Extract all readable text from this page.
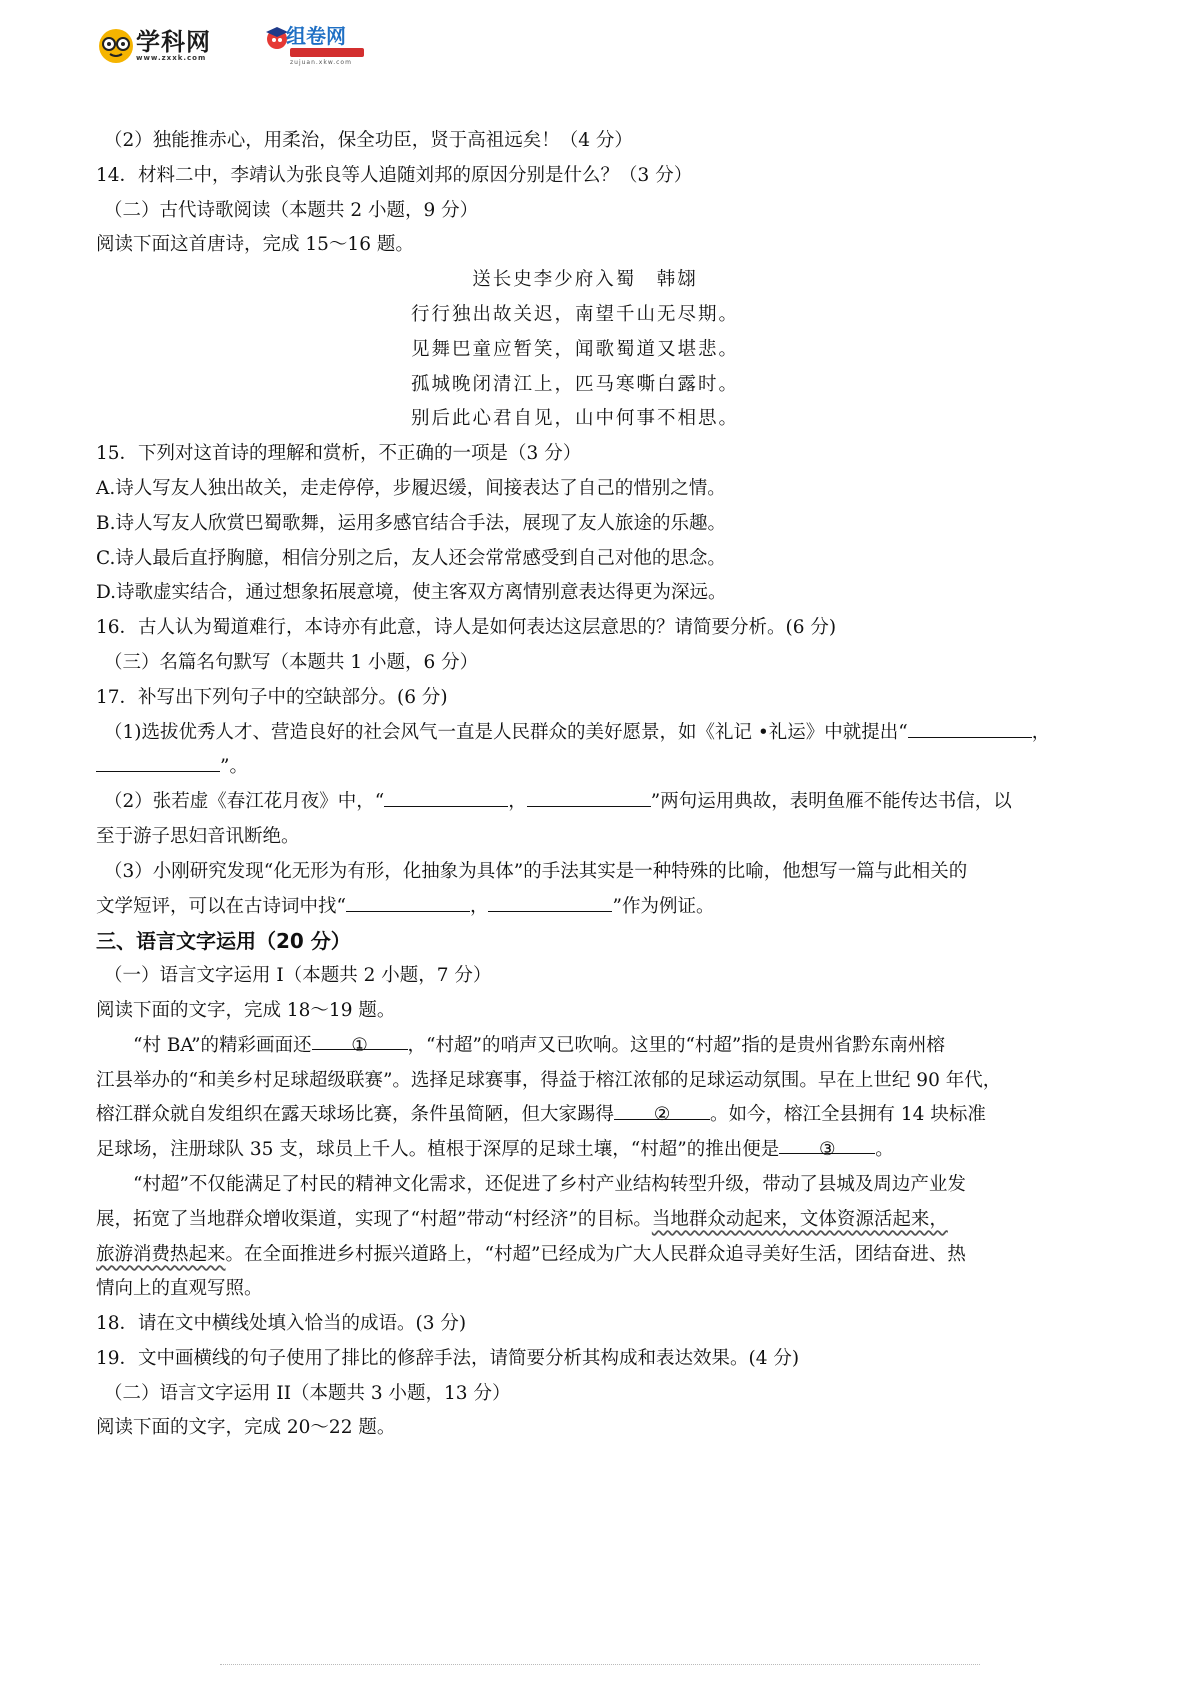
学科网
www.zxxk.com
组卷网
zujuan.xkw.com
（2）独能推赤心，用柔治，保全功臣，贤于高祖远矣！（4 分）
14．材料二中，李靖认为张良等人追随刘邦的原因分别是什么？（3 分）
（二）古代诗歌阅读（本题共 2 小题，9 分）
阅读下面这首唐诗，完成 15～16 题。
送长史李少府入蜀　韩翃
行行独出故关迟，南望千山无尽期。
见舞巴童应暂笑，闻歌蜀道又堪悲。
孤城晚闭清江上，匹马寒嘶白露时。
别后此心君自见，山中何事不相思。
15．下列对这首诗的理解和赏析，不正确的一项是（3 分）
A.诗人写友人独出故关，走走停停，步履迟缓，间接表达了自己的惜别之情。
B.诗人写友人欣赏巴蜀歌舞，运用多感官结合手法，展现了友人旅途的乐趣。
C.诗人最后直抒胸臆，相信分别之后，友人还会常常感受到自己对他的思念。
D.诗歌虚实结合，通过想象拓展意境，使主客双方离情别意表达得更为深远。
16．古人认为蜀道难行，本诗亦有此意，诗人是如何表达这层意思的？请简要分析。(6 分)
（三）名篇名句默写（本题共 1 小题，6 分）
17．补写出下列句子中的空缺部分。(6 分)
（1)选拔优秀人才、营造良好的社会风气一直是人民群众的美好愿景，如《礼记 •礼运》中就提出“	，
”。
（2）张若虚《春江花月夜》中，“	，	”两句运用典故，表明鱼雁不能传达书信，以
至于游子思妇音讯断绝。
（3）小刚研究发现“化无形为有形，化抽象为具体”的手法其实是一种特殊的比喻，他想写一篇与此相关的
文学短评，可以在古诗词中找“	，	”作为例证。
三、语言文字运用（20 分）
（一）语言文字运用 I（本题共 2 小题，7 分）
阅读下面的文字，完成 18～19 题。
“村 BA”的精彩画面还 ① ，“村超”的哨声又已吹响。这里的“村超”指的是贵州省黔东南州榕
江县举办的“和美乡村足球超级联赛”。选择足球赛事，得益于榕江浓郁的足球运动氛围。早在上世纪 90 年代，
榕江群众就自发组织在露天球场比赛，条件虽简陋，但大家踢得 ② 。如今，榕江全县拥有 14 块标准
足球场，注册球队 35 支，球员上千人。植根于深厚的足球土壤，“村超”的推出便是 ③ 。
“村超”不仅能满足了村民的精神文化需求，还促进了乡村产业结构转型升级，带动了县城及周边产业发
展，拓宽了当地群众增收渠道，实现了“村超”带动“村经济”的目标。当地群众动起来，文体资源活起来，
旅游消费热起来。在全面推进乡村振兴道路上，“村超”已经成为广大人民群众追寻美好生活，团结奋进、热
情向上的直观写照。
18．请在文中横线处填入恰当的成语。(3 分)
19．文中画横线的句子使用了排比的修辞手法，请简要分析其构成和表达效果。(4 分)
（二）语言文字运用 II（本题共 3 小题，13 分）
阅读下面的文字，完成 20～22 题。
